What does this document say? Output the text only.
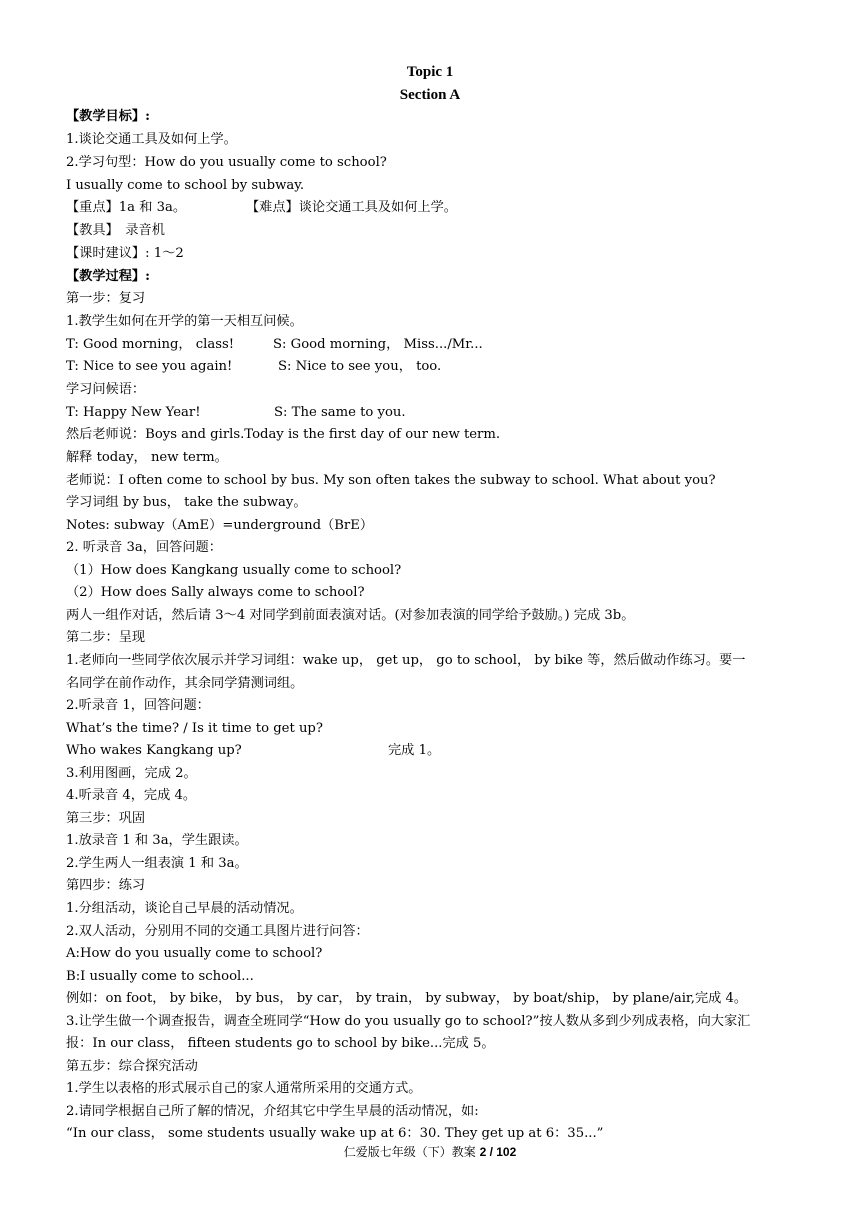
Topic 1
Section A
【教学目标】:
1.谈论交通工具及如何上学。
2.学习句型：How do you usually come to school?
I usually come to school by subway.
【重点】1a 和 3a。	【难点】谈论交通工具及如何上学。
【教具】　录音机
【课时建议】: 1～2
【教学过程】:
第一步：复习
1.教学生如何在开学的第一天相互问候。
T: Good morning， class!	S: Good morning， Miss.../Mr...
T: Nice to see you again!	S: Nice to see you， too.
学习问候语：
T: Happy New Year!	S: The same to you.
然后老师说：Boys and girls.Today is the first day of our new term.
解释 today， new term。
老师说：I often come to school by bus. My son often takes the subway to school. What about you?
学习词组 by bus， take the subway。
Notes: subway（AmE）=underground（BrE）
2. 听录音 3a，回答问题：
（1）How does Kangkang usually come to school?
（2）How does Sally always come to school?
两人一组作对话，然后请 3～4 对同学到前面表演对话。(对参加表演的同学给予鼓励。) 完成 3b。
第二步：呈现
1.老师向一些同学依次展示并学习词组：wake up， get up， go to school， by bike 等，然后做动作练习。要一
名同学在前作动作，其余同学猜测词组。
2.听录音 1，回答问题：
What’s the time? / Is it time to get up?
Who wakes Kangkang up?	完成 1。
3.利用图画，完成 2。
4.听录音 4，完成 4。
第三步：巩固
1.放录音 1 和 3a，学生跟读。
2.学生两人一组表演 1 和 3a。
第四步：练习
1.分组活动，谈论自己早晨的活动情况。
2.双人活动，分别用不同的交通工具图片进行问答：
A:How do you usually come to school?
B:I usually come to school...
例如：on foot， by bike， by bus， by car， by train， by subway， by boat/ship， by plane/air,完成 4。
3.让学生做一个调查报告，调查全班同学“How do you usually go to school?”按人数从多到少列成表格，向大家汇
报：In our class， fifteen students go to school by bike...完成 5。
第五步：综合探究活动
1.学生以表格的形式展示自己的家人通常所采用的交通方式。
2.请同学根据自己所了解的情况，介绍其它中学生早晨的活动情况，如:
“In our class， some students usually wake up at 6：30. They get up at 6：35...”
仁爱版七年级（下）教案 2 / 102
